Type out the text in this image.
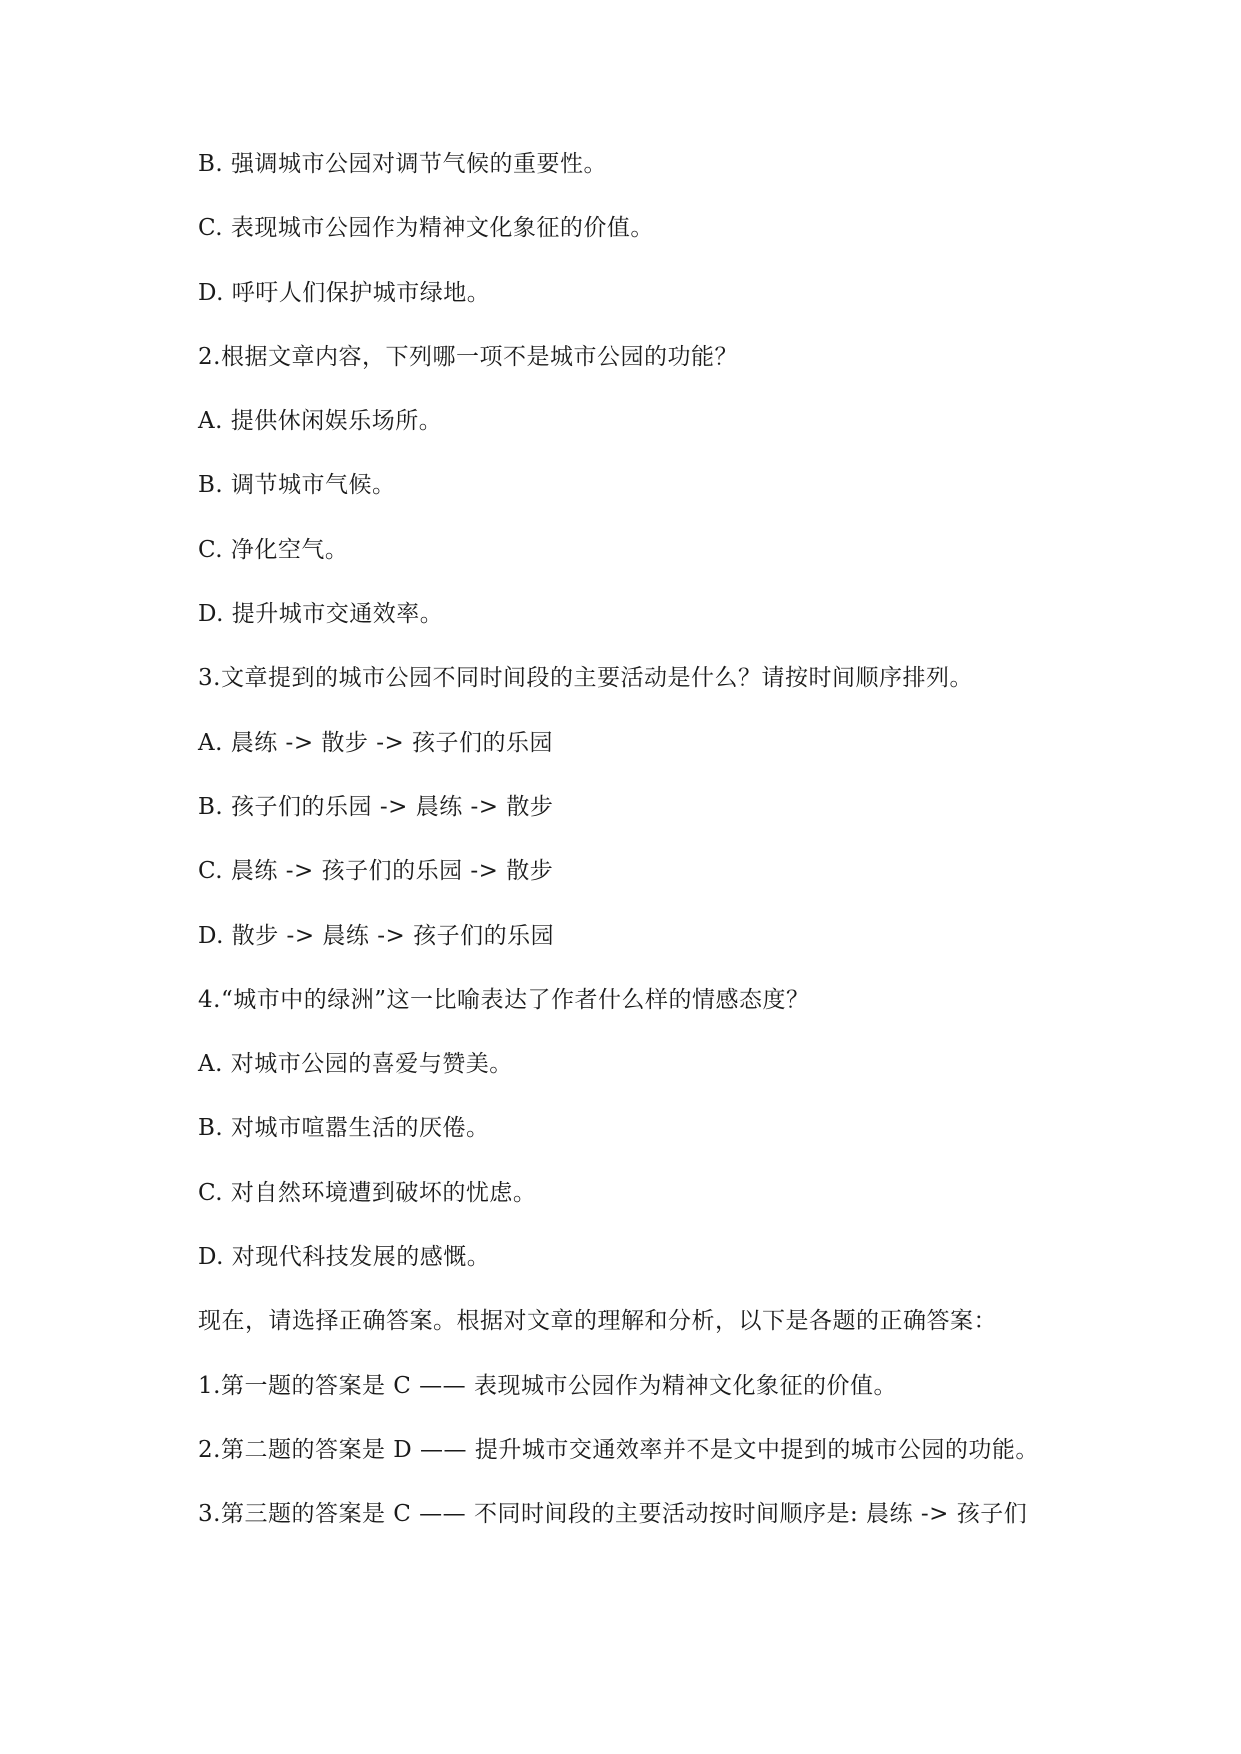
B. 强调城市公园对调节气候的重要性。
C. 表现城市公园作为精神文化象征的价值。
D. 呼吁人们保护城市绿地。
2.根据文章内容，下列哪一项不是城市公园的功能？
A. 提供休闲娱乐场所。
B. 调节城市气候。
C. 净化空气。
D. 提升城市交通效率。
3.文章提到的城市公园不同时间段的主要活动是什么？请按时间顺序排列。
A. 晨练 -> 散步 -> 孩子们的乐园
B. 孩子们的乐园 -> 晨练 -> 散步
C. 晨练 -> 孩子们的乐园 -> 散步
D. 散步 -> 晨练 -> 孩子们的乐园
4.“城市中的绿洲”这一比喻表达了作者什么样的情感态度？
A. 对城市公园的喜爱与赞美。
B. 对城市喧嚣生活的厌倦。
C. 对自然环境遭到破坏的忧虑。
D. 对现代科技发展的感慨。
现在，请选择正确答案。根据对文章的理解和分析，以下是各题的正确答案：
1.第一题的答案是 C —— 表现城市公园作为精神文化象征的价值。
2.第二题的答案是 D —— 提升城市交通效率并不是文中提到的城市公园的功能。
3.第三题的答案是 C —— 不同时间段的主要活动按时间顺序是: 晨练 -> 孩子们
